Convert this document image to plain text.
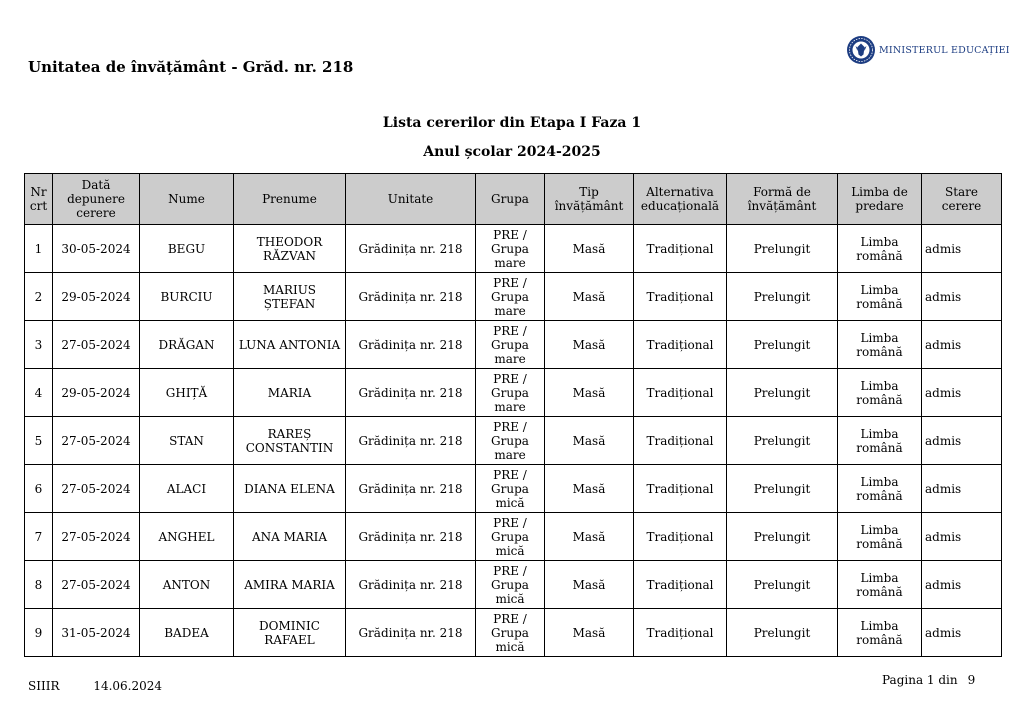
Unitatea de învățământ - Grăd. nr. 218
MINISTERUL EDUCAȚIEI
Lista cererilor din Etapa I Faza 1
Anul școlar 2024-2025
Nr crt	Dată depunere cerere	Nume	Prenume	Unitate	Grupa	Tip învățământ	Alternativa educațională	Formă de învățământ	Limba de predare	Stare cerere
1	30-05-2024	BEGU	THEODOR RĂZVAN	Grădinița nr. 218	PRE / Grupa mare	Masă	Tradițional	Prelungit	Limba română	admis
2	29-05-2024	BURCIU	MARIUS ȘTEFAN	Grădinița nr. 218	PRE / Grupa mare	Masă	Tradițional	Prelungit	Limba română	admis
3	27-05-2024	DRĂGAN	LUNA ANTONIA	Grădinița nr. 218	PRE / Grupa mare	Masă	Tradițional	Prelungit	Limba română	admis
4	29-05-2024	GHIȚĂ	MARIA	Grădinița nr. 218	PRE / Grupa mare	Masă	Tradițional	Prelungit	Limba română	admis
5	27-05-2024	STAN	RAREȘ CONSTANTIN	Grădinița nr. 218	PRE / Grupa mare	Masă	Tradițional	Prelungit	Limba română	admis
6	27-05-2024	ALACI	DIANA ELENA	Grădinița nr. 218	PRE / Grupa mică	Masă	Tradițional	Prelungit	Limba română	admis
7	27-05-2024	ANGHEL	ANA MARIA	Grădinița nr. 218	PRE / Grupa mică	Masă	Tradițional	Prelungit	Limba română	admis
8	27-05-2024	ANTON	AMIRA MARIA	Grădinița nr. 218	PRE / Grupa mică	Masă	Tradițional	Prelungit	Limba română	admis
9	31-05-2024	BADEA	DOMINIC RAFAEL	Grădinița nr. 218	PRE / Grupa mică	Masă	Tradițional	Prelungit	Limba română	admis
SIIIR	14.06.2024	Pagina 1 din 9
